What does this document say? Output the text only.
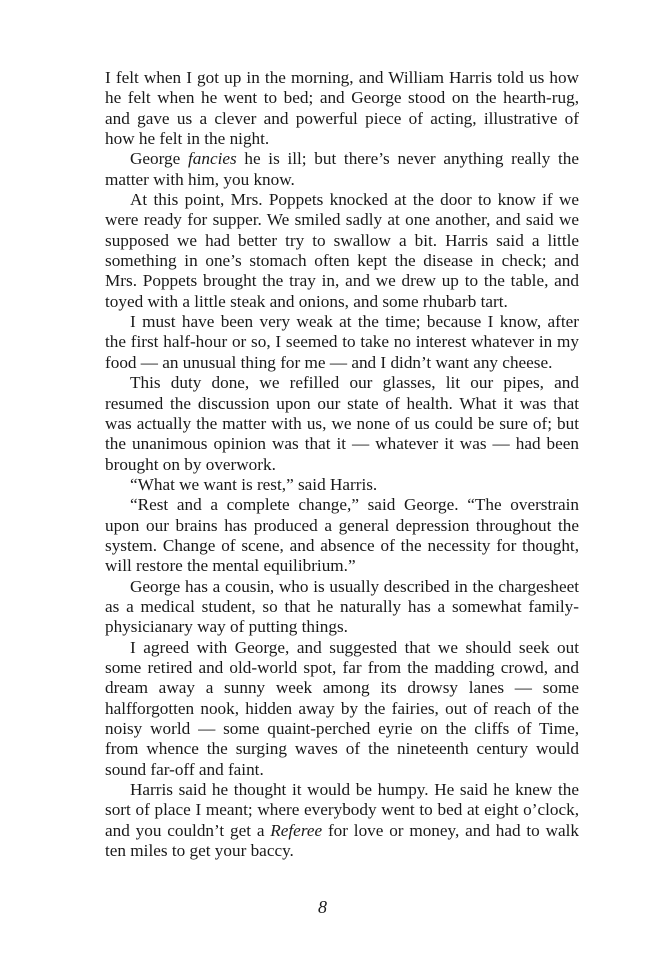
I felt when I got up in the morning, and William Harris told us how he felt when he went to bed; and George stood on the hearth-rug, and gave us a clever and powerful piece of acting, illustrative of how he felt in the night.

George fancies he is ill; but there’s never anything really the matter with him, you know.

At this point, Mrs. Poppets knocked at the door to know if we were ready for supper. We smiled sadly at one another, and said we supposed we had better try to swallow a bit. Harris said a little something in one’s stomach often kept the disease in check; and Mrs. Poppets brought the tray in, and we drew up to the table, and toyed with a little steak and onions, and some rhubarb tart.

I must have been very weak at the time; because I know, after the first half-hour or so, I seemed to take no interest whatever in my food — an unusual thing for me — and I didn’t want any cheese.

This duty done, we refilled our glasses, lit our pipes, and resumed the discussion upon our state of health. What it was that was actually the matter with us, we none of us could be sure of; but the unanimous opinion was that it — whatever it was — had been brought on by overwork.

“What we want is rest,” said Harris.

“Rest and a complete change,” said George. “The overstrain upon our brains has produced a general depression throughout the system. Change of scene, and absence of the necessity for thought, will restore the mental equilibrium.”

George has a cousin, who is usually described in the chargesheet as a medical student, so that he naturally has a somewhat family-physicianary way of putting things.

I agreed with George, and suggested that we should seek out some retired and old-world spot, far from the madding crowd, and dream away a sunny week among its drowsy lanes — some halfforgotten nook, hidden away by the fairies, out of reach of the noisy world — some quaint-perched eyrie on the cliffs of Time, from whence the surging waves of the nineteenth century would sound far-off and faint.

Harris said he thought it would be humpy. He said he knew the sort of place I meant; where everybody went to bed at eight o’clock, and you couldn’t get a Referee for love or money, and had to walk ten miles to get your baccy.

8
